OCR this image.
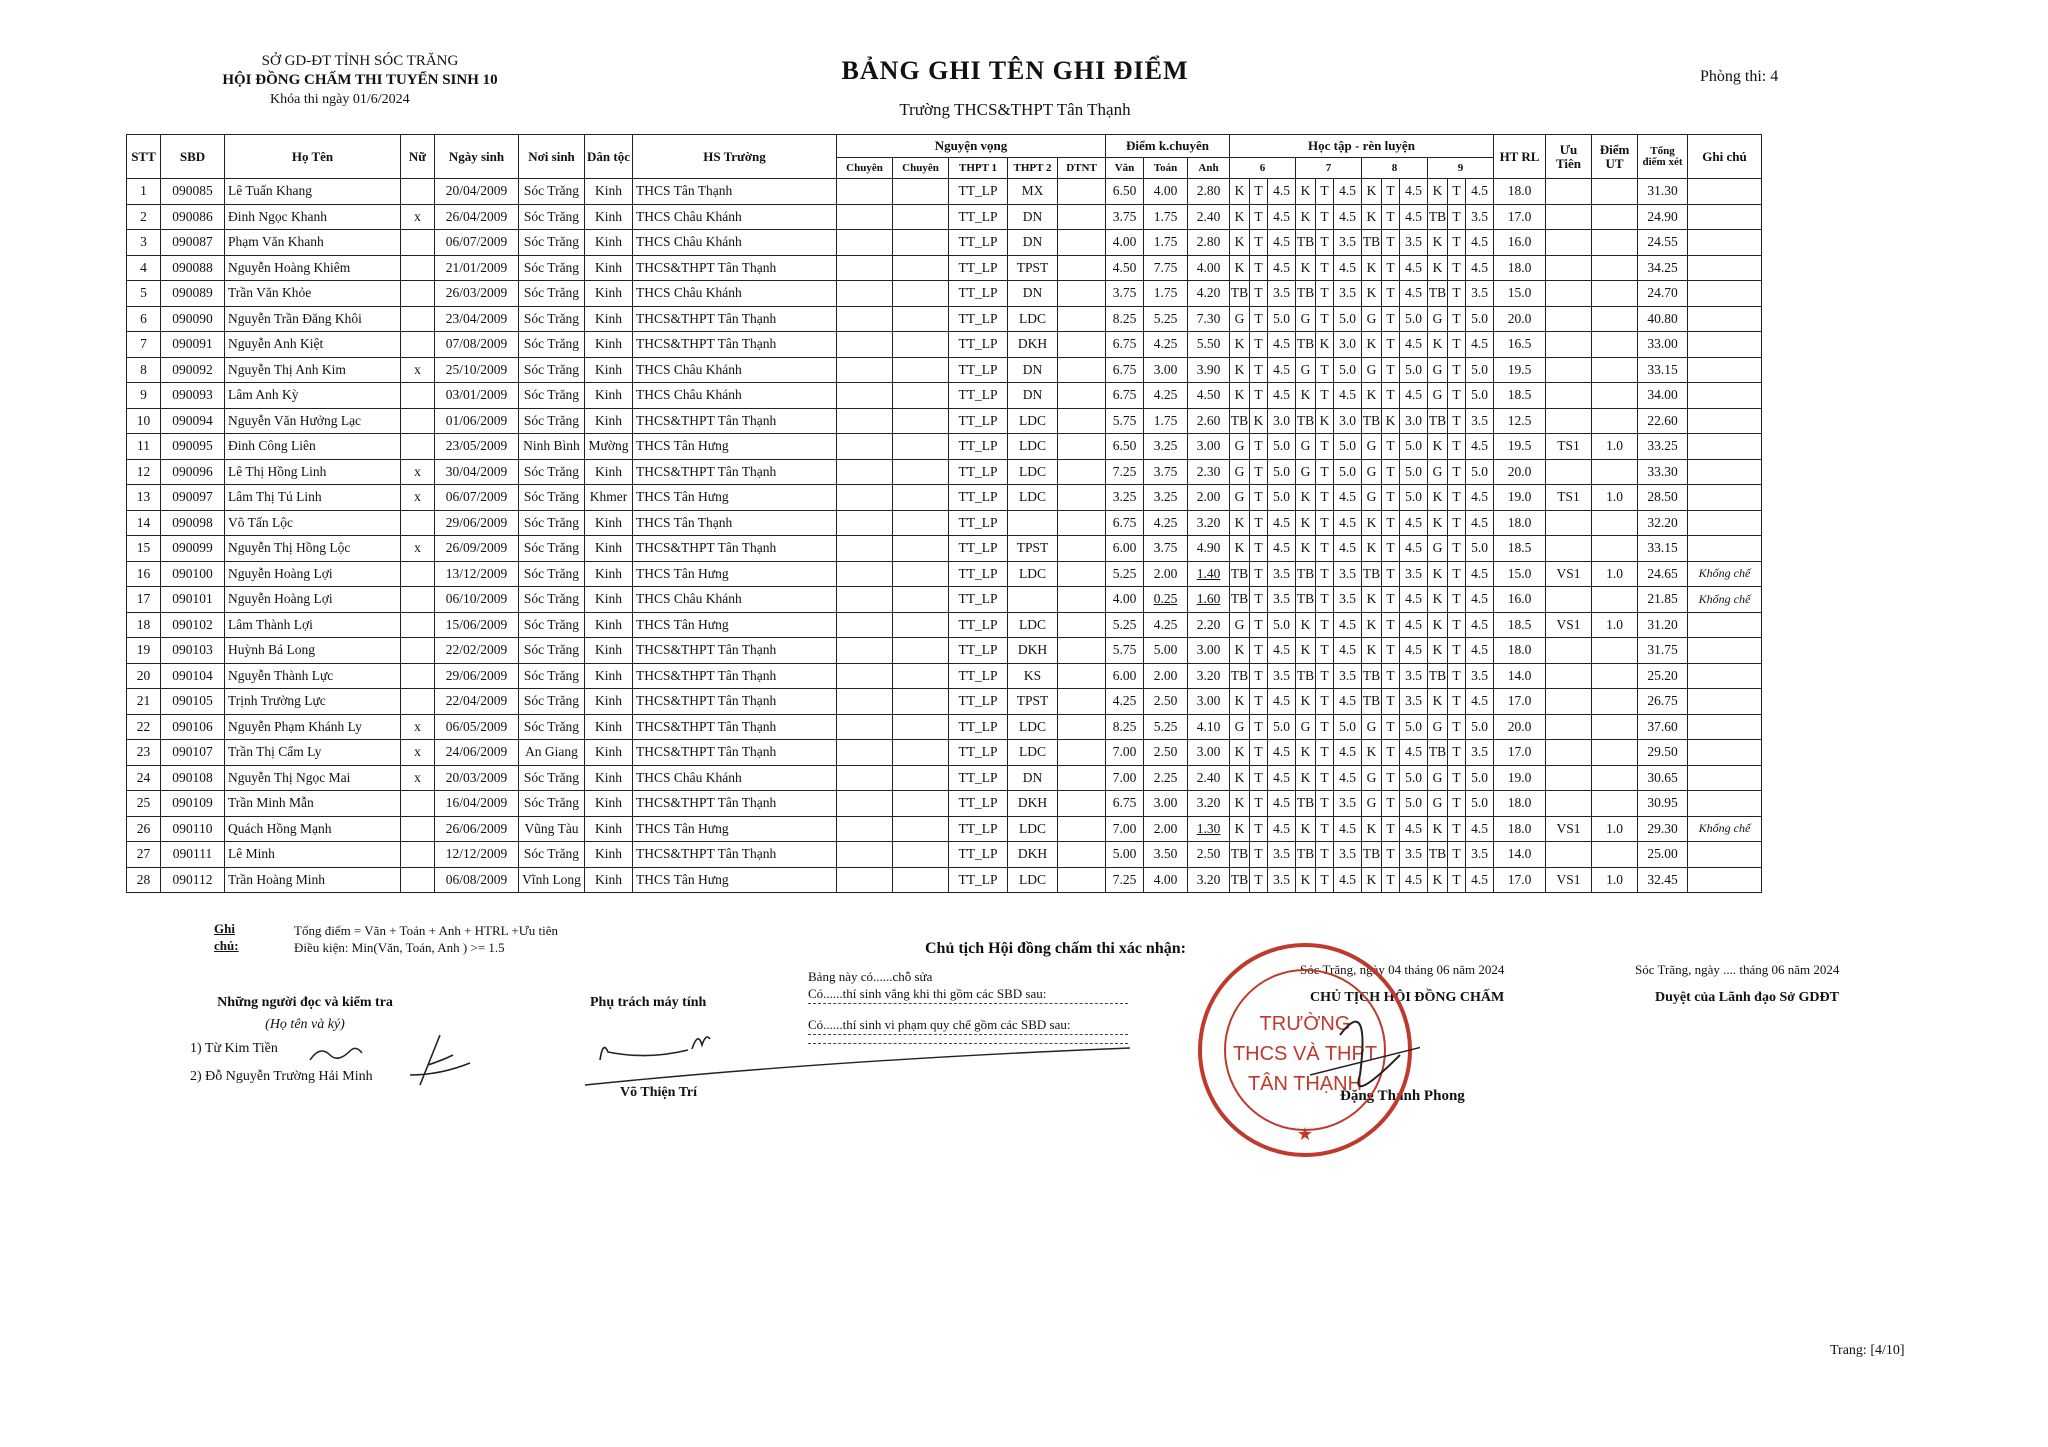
SỞ GD-ĐT TỈNH SÓC TRĂNG
HỘI ĐỒNG CHẤM THI TUYỂN SINH 10
Khóa thi ngày 01/6/2024
BẢNG GHI TÊN GHI ĐIỂM
Trường THCS&THPT Tân Thạnh
Phòng thi: 4
STT	SBD	Họ Tên	Nữ	Ngày sinh	Nơi sinh	Dân tộc	HS Trường	Nguyện vọng					Điểm k.chuyên			Học tập - rèn luyện												HT RL	Ưu Tiên	Điểm UT	Tổng điểm xét	Ghi chú
								Chuyên	Chuyên	THPT 1	THPT 2	DTNT	Văn	Toán	Anh	6			7			8			9							
1	090085	Lê Tuấn Khang		20/04/2009	Sóc Trăng	Kinh	THCS Tân Thạnh			TT_LP	MX		6.50	4.00	2.80	K	T	4.5	K	T	4.5	K	T	4.5	K	T	4.5	18.0			31.30	
2	090086	Đinh Ngọc Khanh	x	26/04/2009	Sóc Trăng	Kinh	THCS Châu Khánh			TT_LP	DN		3.75	1.75	2.40	K	T	4.5	K	T	4.5	K	T	4.5	TB	T	3.5	17.0			24.90	
3	090087	Phạm Văn Khanh		06/07/2009	Sóc Trăng	Kinh	THCS Châu Khánh			TT_LP	DN		4.00	1.75	2.80	K	T	4.5	TB	T	3.5	TB	T	3.5	K	T	4.5	16.0			24.55	
4	090088	Nguyễn Hoàng Khiêm		21/01/2009	Sóc Trăng	Kinh	THCS&THPT Tân Thạnh			TT_LP	TPST		4.50	7.75	4.00	K	T	4.5	K	T	4.5	K	T	4.5	K	T	4.5	18.0			34.25	
5	090089	Trần Văn Khỏe		26/03/2009	Sóc Trăng	Kinh	THCS Châu Khánh			TT_LP	DN		3.75	1.75	4.20	TB	T	3.5	TB	T	3.5	K	T	4.5	TB	T	3.5	15.0			24.70	
6	090090	Nguyễn Trần Đăng Khôi		23/04/2009	Sóc Trăng	Kinh	THCS&THPT Tân Thạnh			TT_LP	LDC		8.25	5.25	7.30	G	T	5.0	G	T	5.0	G	T	5.0	G	T	5.0	20.0			40.80	
7	090091	Nguyễn Anh Kiệt		07/08/2009	Sóc Trăng	Kinh	THCS&THPT Tân Thạnh			TT_LP	DKH		6.75	4.25	5.50	K	T	4.5	TB	K	3.0	K	T	4.5	K	T	4.5	16.5			33.00	
8	090092	Nguyễn Thị Anh Kim	x	25/10/2009	Sóc Trăng	Kinh	THCS Châu Khánh			TT_LP	DN		6.75	3.00	3.90	K	T	4.5	G	T	5.0	G	T	5.0	G	T	5.0	19.5			33.15	
9	090093	Lâm Anh Kỳ		03/01/2009	Sóc Trăng	Kinh	THCS Châu Khánh			TT_LP	DN		6.75	4.25	4.50	K	T	4.5	K	T	4.5	K	T	4.5	G	T	5.0	18.5			34.00	
10	090094	Nguyễn Văn Hưởng Lạc		01/06/2009	Sóc Trăng	Kinh	THCS&THPT Tân Thạnh			TT_LP	LDC		5.75	1.75	2.60	TB	K	3.0	TB	K	3.0	TB	K	3.0	TB	T	3.5	12.5			22.60	
11	090095	Đinh Công Liên		23/05/2009	Ninh Bình	Mường	THCS Tân Hưng			TT_LP	LDC		6.50	3.25	3.00	G	T	5.0	G	T	5.0	G	T	5.0	K	T	4.5	19.5	TS1	1.0	33.25	
12	090096	Lê Thị Hồng Linh	x	30/04/2009	Sóc Trăng	Kinh	THCS&THPT Tân Thạnh			TT_LP	LDC		7.25	3.75	2.30	G	T	5.0	G	T	5.0	G	T	5.0	G	T	5.0	20.0			33.30	
13	090097	Lâm Thị Tú Linh	x	06/07/2009	Sóc Trăng	Khmer	THCS Tân Hưng			TT_LP	LDC		3.25	3.25	2.00	G	T	5.0	K	T	4.5	G	T	5.0	K	T	4.5	19.0	TS1	1.0	28.50	
14	090098	Võ Tấn Lộc		29/06/2009	Sóc Trăng	Kinh	THCS Tân Thạnh			TT_LP			6.75	4.25	3.20	K	T	4.5	K	T	4.5	K	T	4.5	K	T	4.5	18.0			32.20	
15	090099	Nguyễn Thị Hồng Lộc	x	26/09/2009	Sóc Trăng	Kinh	THCS&THPT Tân Thạnh			TT_LP	TPST		6.00	3.75	4.90	K	T	4.5	K	T	4.5	K	T	4.5	G	T	5.0	18.5			33.15	
16	090100	Nguyễn Hoàng Lợi		13/12/2009	Sóc Trăng	Kinh	THCS Tân Hưng			TT_LP	LDC		5.25	2.00	1.40	TB	T	3.5	TB	T	3.5	TB	T	3.5	K	T	4.5	15.0	VS1	1.0	24.65	Khống chế
17	090101	Nguyễn Hoàng Lợi		06/10/2009	Sóc Trăng	Kinh	THCS Châu Khánh			TT_LP			4.00	0.25	1.60	TB	T	3.5	TB	T	3.5	K	T	4.5	K	T	4.5	16.0			21.85	Khống chế
18	090102	Lâm Thành Lợi		15/06/2009	Sóc Trăng	Kinh	THCS Tân Hưng			TT_LP	LDC		5.25	4.25	2.20	G	T	5.0	K	T	4.5	K	T	4.5	K	T	4.5	18.5	VS1	1.0	31.20	
19	090103	Huỳnh Bá Long		22/02/2009	Sóc Trăng	Kinh	THCS&THPT Tân Thạnh			TT_LP	DKH		5.75	5.00	3.00	K	T	4.5	K	T	4.5	K	T	4.5	K	T	4.5	18.0			31.75	
20	090104	Nguyễn Thành Lực		29/06/2009	Sóc Trăng	Kinh	THCS&THPT Tân Thạnh			TT_LP	KS		6.00	2.00	3.20	TB	T	3.5	TB	T	3.5	TB	T	3.5	TB	T	3.5	14.0			25.20	
21	090105	Trịnh Trường Lực		22/04/2009	Sóc Trăng	Kinh	THCS&THPT Tân Thạnh			TT_LP	TPST		4.25	2.50	3.00	K	T	4.5	K	T	4.5	TB	T	3.5	K	T	4.5	17.0			26.75	
22	090106	Nguyễn Phạm Khánh Ly	x	06/05/2009	Sóc Trăng	Kinh	THCS&THPT Tân Thạnh			TT_LP	LDC		8.25	5.25	4.10	G	T	5.0	G	T	5.0	G	T	5.0	G	T	5.0	20.0			37.60	
23	090107	Trần Thị Cẩm Ly	x	24/06/2009	An Giang	Kinh	THCS&THPT Tân Thạnh			TT_LP	LDC		7.00	2.50	3.00	K	T	4.5	K	T	4.5	K	T	4.5	TB	T	3.5	17.0			29.50	
24	090108	Nguyễn Thị Ngọc Mai	x	20/03/2009	Sóc Trăng	Kinh	THCS Châu Khánh			TT_LP	DN		7.00	2.25	2.40	K	T	4.5	K	T	4.5	G	T	5.0	G	T	5.0	19.0			30.65	
25	090109	Trần Minh Mẫn		16/04/2009	Sóc Trăng	Kinh	THCS&THPT Tân Thạnh			TT_LP	DKH		6.75	3.00	3.20	K	T	4.5	TB	T	3.5	G	T	5.0	G	T	5.0	18.0			30.95	
26	090110	Quách Hồng Mạnh		26/06/2009	Vũng Tàu	Kinh	THCS Tân Hưng			TT_LP	LDC		7.00	2.00	1.30	K	T	4.5	K	T	4.5	K	T	4.5	K	T	4.5	18.0	VS1	1.0	29.30	Khống chế
27	090111	Lê Minh		12/12/2009	Sóc Trăng	Kinh	THCS&THPT Tân Thạnh			TT_LP	DKH		5.00	3.50	2.50	TB	T	3.5	TB	T	3.5	TB	T	3.5	TB	T	3.5	14.0			25.00	
28	090112	Trần Hoàng Minh		06/08/2009	Vĩnh Long	Kinh	THCS Tân Hưng			TT_LP	LDC		7.25	4.00	3.20	TB	T	3.5	K	T	4.5	K	T	4.5	K	T	4.5	17.0	VS1	1.0	32.45	
Ghi chú:
Tổng điểm = Văn + Toán + Anh + HTRL +Ưu tiên
Điều kiện: Min(Văn, Toán, Anh ) >= 1.5
Những người đọc và kiểm tra
(Họ tên và ký)
1) Từ Kim Tiền
2) Đỗ Nguyễn Trường Hải Minh
Phụ trách máy tính
Võ Thiện Trí
Chủ tịch Hội đồng chấm thi xác nhận:
Bảng này có......chỗ sửa
Có......thí sinh vắng khi thi gồm các SBD sau:
Có......thí sinh vi phạm quy chế gồm các SBD sau:
Sóc Trăng, ngày 04 tháng 06 năm 2024
CHỦ TỊCH HỘI ĐỒNG CHẤM
Đặng Thanh Phong
TRƯỜNG
THCS VÀ THPT
TÂN THẠNH
★
Sóc Trăng, ngày .... tháng 06 năm 2024
Duyệt của Lãnh đạo Sở GDĐT
Trang: [4/10]
